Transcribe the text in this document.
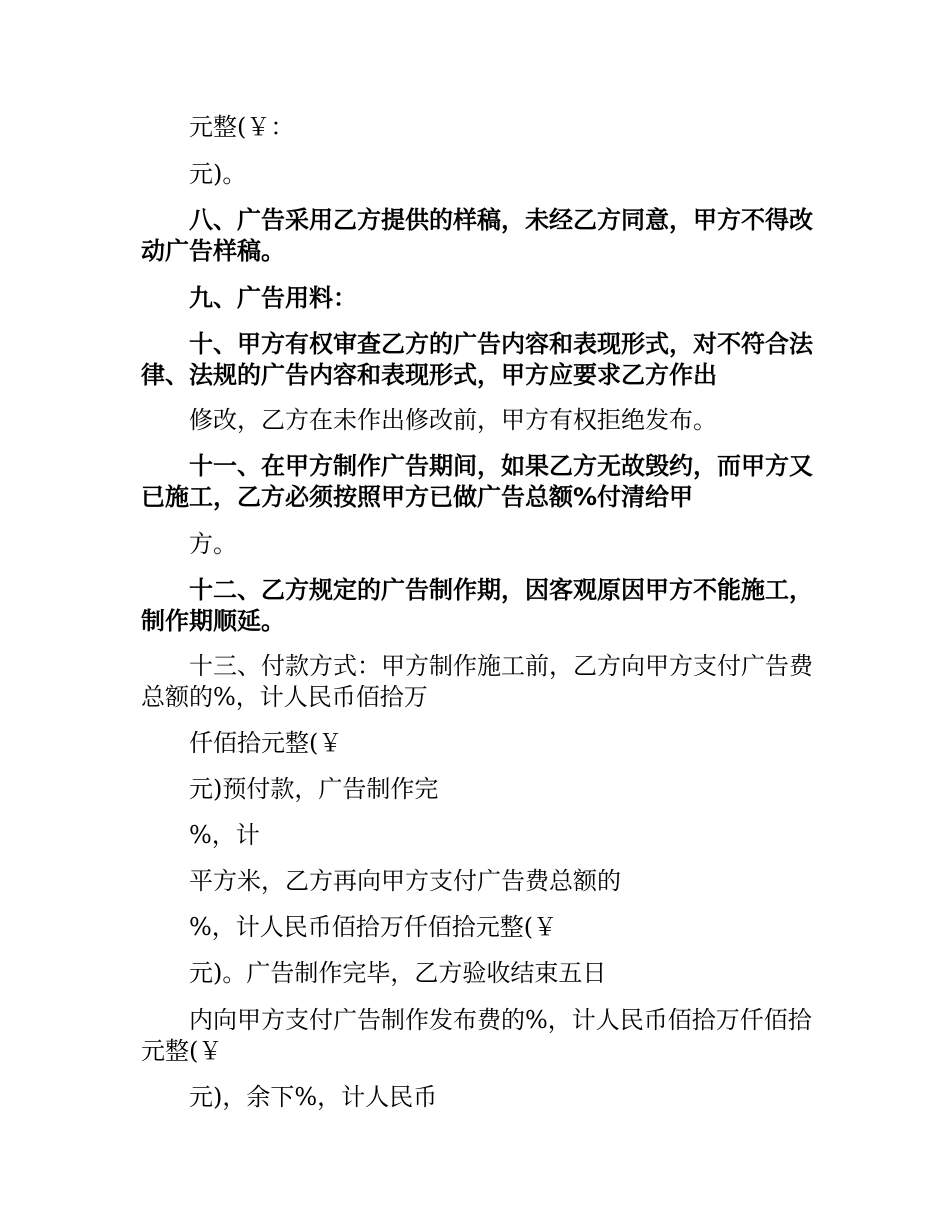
元整(￥：

元)。

八、广告采用乙方提供的样稿，未经乙方同意，甲方不得改动广告样稿。

九、广告用料：

十、甲方有权审查乙方的广告内容和表现形式，对不符合法律、法规的广告内容和表现形式，甲方应要求乙方作出

修改，乙方在未作出修改前，甲方有权拒绝发布。

十一、在甲方制作广告期间，如果乙方无故毁约，而甲方又已施工，乙方必须按照甲方已做广告总额%付清给甲

方。

十二、乙方规定的广告制作期，因客观原因甲方不能施工，制作期顺延。

十三、付款方式：甲方制作施工前，乙方向甲方支付广告费总额的%，计人民币佰拾万

仟佰拾元整(￥

元)预付款，广告制作完

%，计

平方米，乙方再向甲方支付广告费总额的

%，计人民币佰拾万仟佰拾元整(￥

元)。广告制作完毕，乙方验收结束五日

内向甲方支付广告制作发布费的%，计人民币佰拾万仟佰拾元整(￥

元)，余下%，计人民币
